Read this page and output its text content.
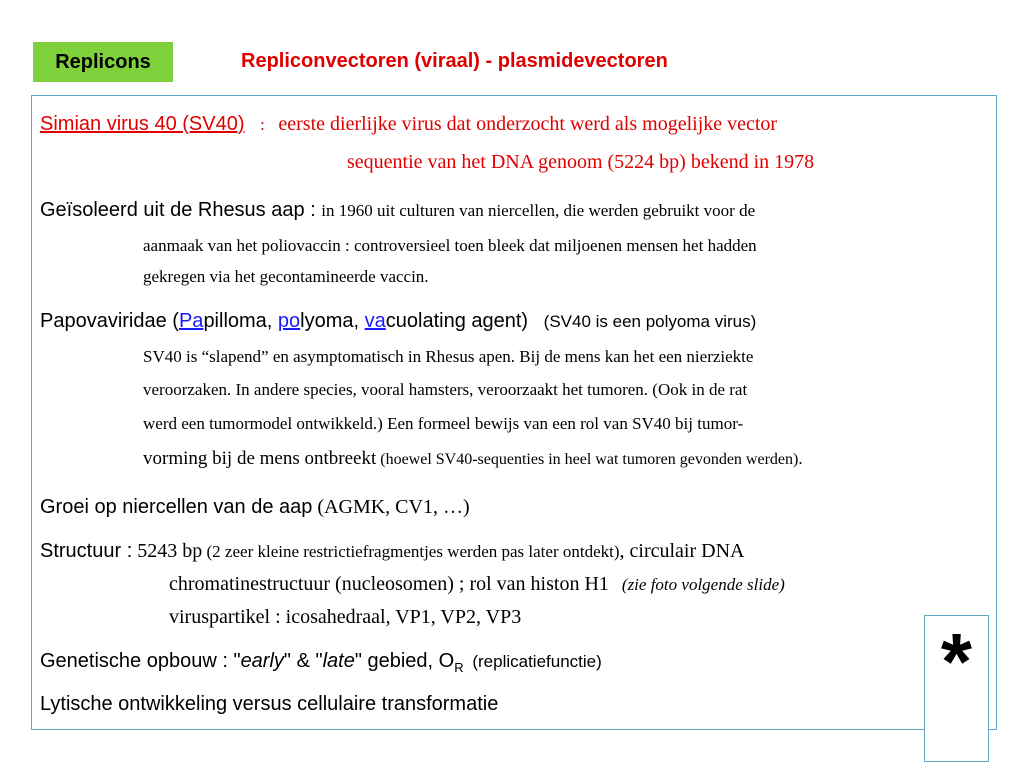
Replicons	Repliconvectoren (viraal) - plasmidevectoren
Simian virus 40 (SV40) : eerste dierlijke virus dat onderzocht werd als mogelijke vector
sequentie van het DNA genoom (5224 bp) bekend in 1978
Geïsoleerd uit de Rhesus aap : in 1960 uit culturen van niercellen, die werden gebruikt voor de
aanmaak van het poliovaccin : controversieel toen bleek dat miljoenen mensen het hadden
gekregen via het gecontamineerde vaccin.
Papovaviridae (Papilloma, polyoma, vacuolating agent) (SV40 is een polyoma virus)
SV40 is “slapend” en asymptomatisch in Rhesus apen. Bij de mens kan het een nierziekte
veroorzaken. In andere species, vooral hamsters, veroorzaakt het tumoren. (Ook in de rat
werd een tumormodel ontwikkeld.) Een formeel bewijs van een rol van SV40 bij tumor-
vorming bij de mens ontbreekt (hoewel SV40-sequenties in heel wat tumoren gevonden werden).
Groei op niercellen van de aap (AGMK, CV1, …)
Structuur : 5243 bp (2 zeer kleine restrictiefragmentjes werden pas later ontdekt), circulair DNA
chromatinestructuur (nucleosomen) ; rol van histon H1 (zie foto volgende slide)
viruspartikel : icosahedraal, VP1, VP2, VP3
Genetische opbouw : "early" & "late" gebied, $O_R$ (replicatiefunctie)
Lytische ontwikkeling versus cellulaire transformatie	*
